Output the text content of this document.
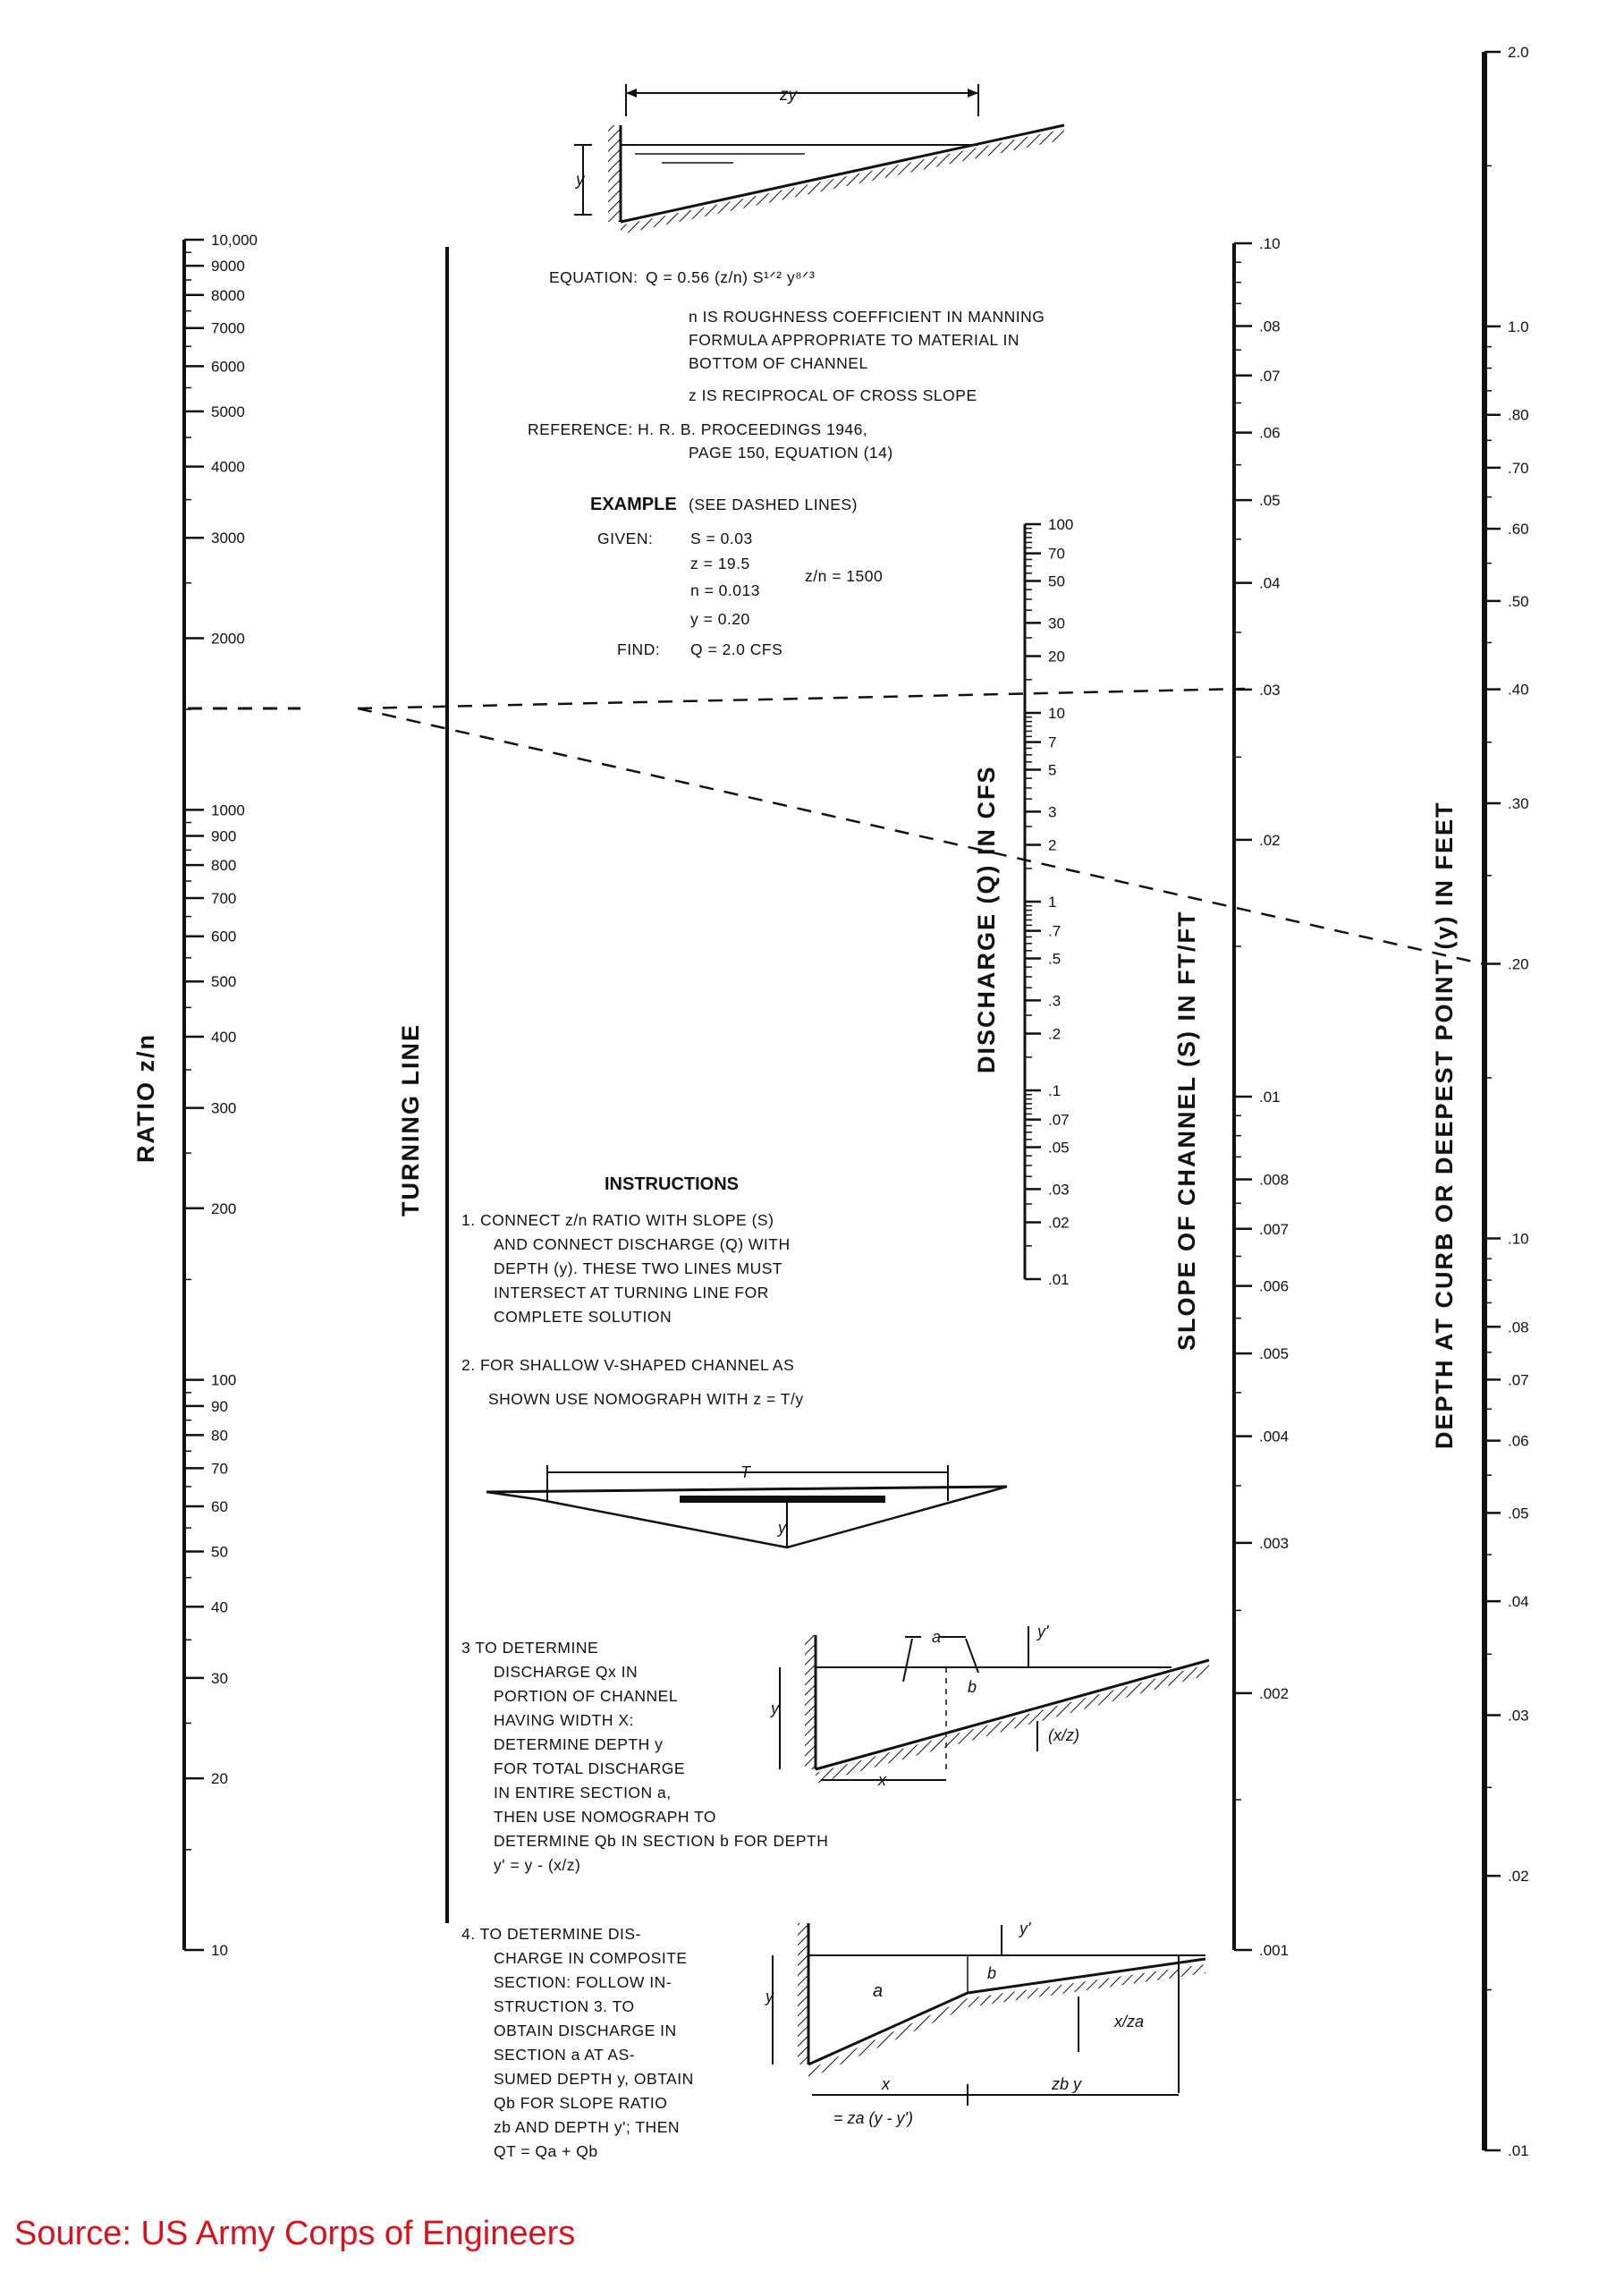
zy
y
10,000
9000
8000
7000
6000
5000
4000
3000
2000
1000
900
800
700
600
500
400
300
200
100
90
80
70
60
50
40
30
20
10
100
70
50
30
20
10
7
5
3
2
1
.7
.5
.3
.2
.1
.07
.05
.03
.02
.01
.10
.08
.07
.06
.05
.04
.03
.02
.01
.008
.007
.006
.005
.004
.003
.002
.001
2.0
1.0
.80
.70
.60
.50
.40
.30
.20
.10
.08
.07
.06
.05
.04
.03
.02
.01
RATIO z/n	TURNING LINE
DISCHARGE (Q) IN CFS	SLOPE OF CHANNEL (S) IN FT/FT	DEPTH AT CURB OR DEEPEST POINT (y) IN FEET
EQUATION: Q = 0.56 (z/n) S¹ᐟ² y⁸ᐟ³
n IS ROUGHNESS COEFFICIENT IN MANNING
FORMULA APPROPRIATE TO MATERIAL IN
BOTTOM OF CHANNEL
z IS RECIPROCAL OF CROSS SLOPE
REFERENCE: H. R. B. PROCEEDINGS 1946,
PAGE 150, EQUATION (14)
EXAMPLE (SEE DASHED LINES)
GIVEN: S = 0.03
z = 19.5
z/n = 1500
n = 0.013
y = 0.20
FIND: Q = 2.0 CFS
INSTRUCTIONS
1. CONNECT z/n RATIO WITH SLOPE (S)
AND CONNECT DISCHARGE (Q) WITH
DEPTH (y). THESE TWO LINES MUST
INTERSECT AT TURNING LINE FOR
COMPLETE SOLUTION
2. FOR SHALLOW V-SHAPED CHANNEL AS
SHOWN USE NOMOGRAPH WITH z = T/y
3 TO DETERMINE
DISCHARGE Qx IN
PORTION OF CHANNEL
HAVING WIDTH X:
DETERMINE DEPTH y
FOR TOTAL DISCHARGE
IN ENTIRE SECTION a,
THEN USE NOMOGRAPH TO
DETERMINE Qb IN SECTION b FOR DEPTH
y' = y - (x/z)
4. TO DETERMINE DIS-
CHARGE IN COMPOSITE
SECTION: FOLLOW IN-
STRUCTION 3. TO
OBTAIN DISCHARGE IN
SECTION a AT AS-
SUMED DEPTH y, OBTAIN
Qb FOR SLOPE RATIO
zb AND DEPTH y'; THEN
QT = Qa + Qb
T
y
a
b
y
y'
(x/z)
x
a
b
y
y'
x/za
x	zb y
= za (y - y')
Source: US Army Corps of Engineers
